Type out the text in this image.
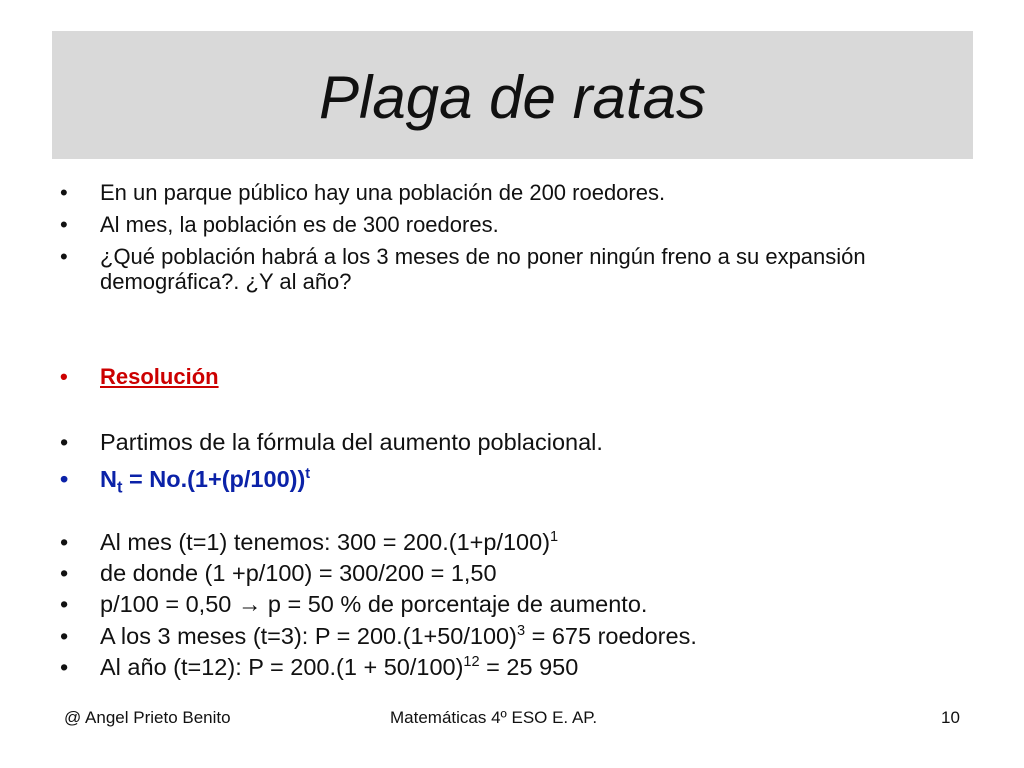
Plaga de ratas
•	En un parque público hay una población de 200 roedores.
•	Al mes, la población es de 300 roedores.
•	¿Qué población habrá a los 3 meses de no poner ningún freno a su expansión demográfica?. ¿Y al año?
•	Resolución
•	Partimos de la fórmula del aumento poblacional.
•	$N_t = No.(1+(p/100))^t$
•	Al mes (t=1) tenemos: $300 = 200.(1+p/100)^1$
•	de donde (1 +p/100) = 300/200 = 1,50
•	p/100 = 0,50 → p = 50 % de porcentaje de aumento.
•	A los 3 meses (t=3): $P = 200.(1+50/100)^3 = 675$ roedores.
•	Al año (t=12): $P = 200.(1 + 50/100)^{12} = 25$ 950
@ Angel Prieto Benito	Matemáticas 4º ESO E. AP.	10
